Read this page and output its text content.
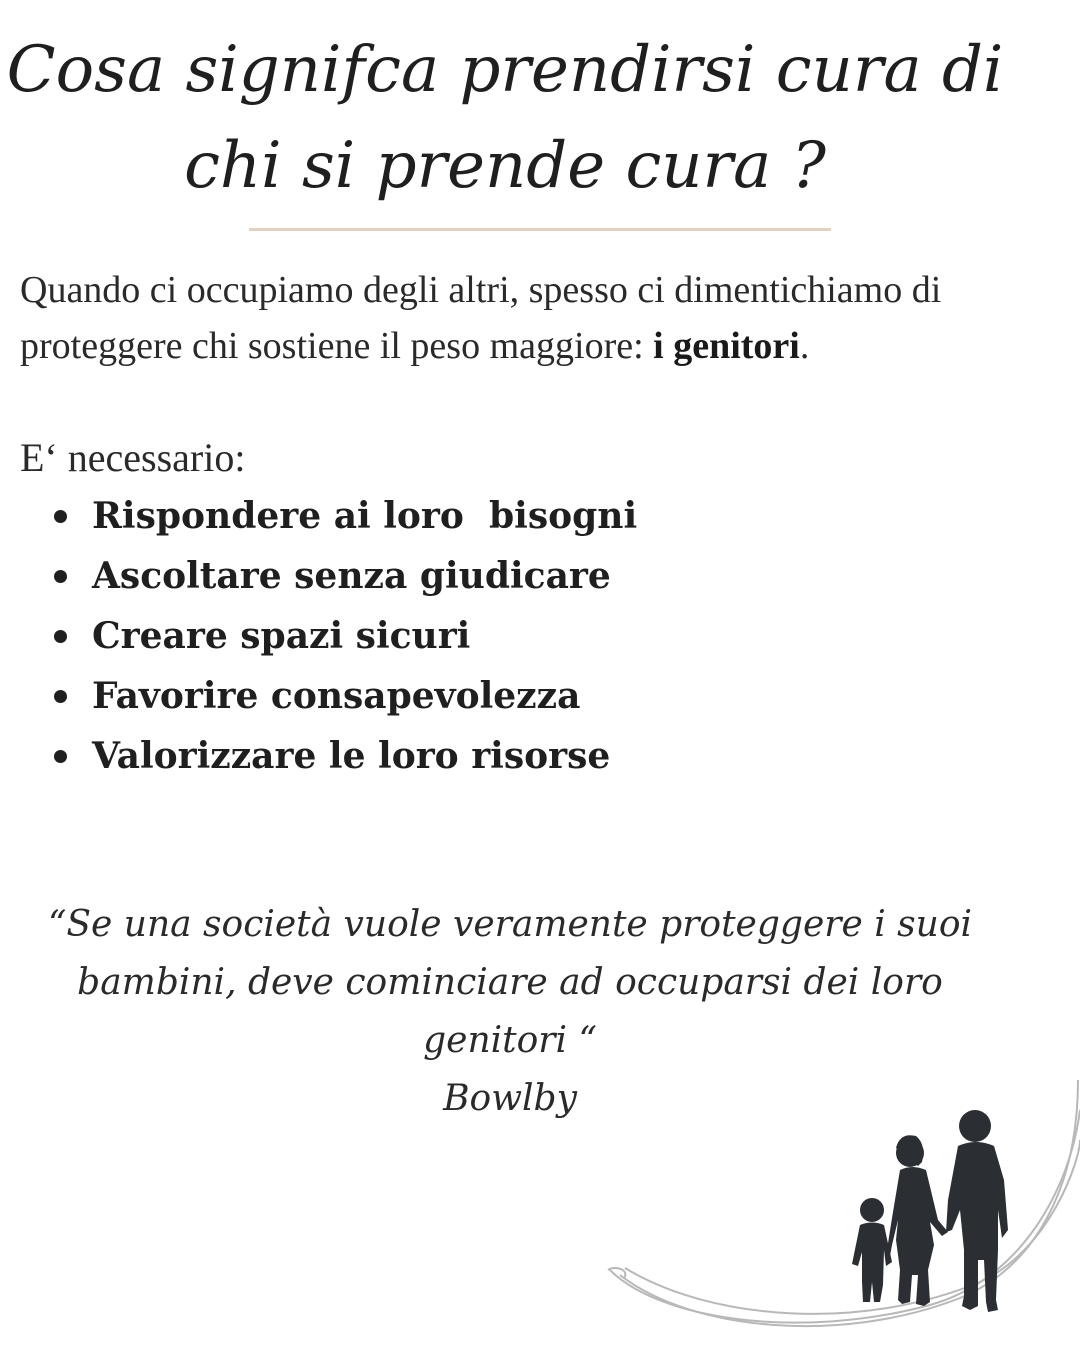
Cosa signifca prendirsi cura di
chi si prende cura ?

Quando ci occupiamo degli altri, spesso ci dimentichiamo di proteggere chi sostiene il peso maggiore: i genitori.

E‘ necessario:
Rispondere ai loro  bisogni
Ascoltare senza giudicare
Creare spazi sicuri
Favorire consapevolezza
Valorizzare le loro risorse

“Se una società vuole veramente proteggere i suoi bambini, deve cominciare ad occuparsi dei loro genitori “

Bowlby
